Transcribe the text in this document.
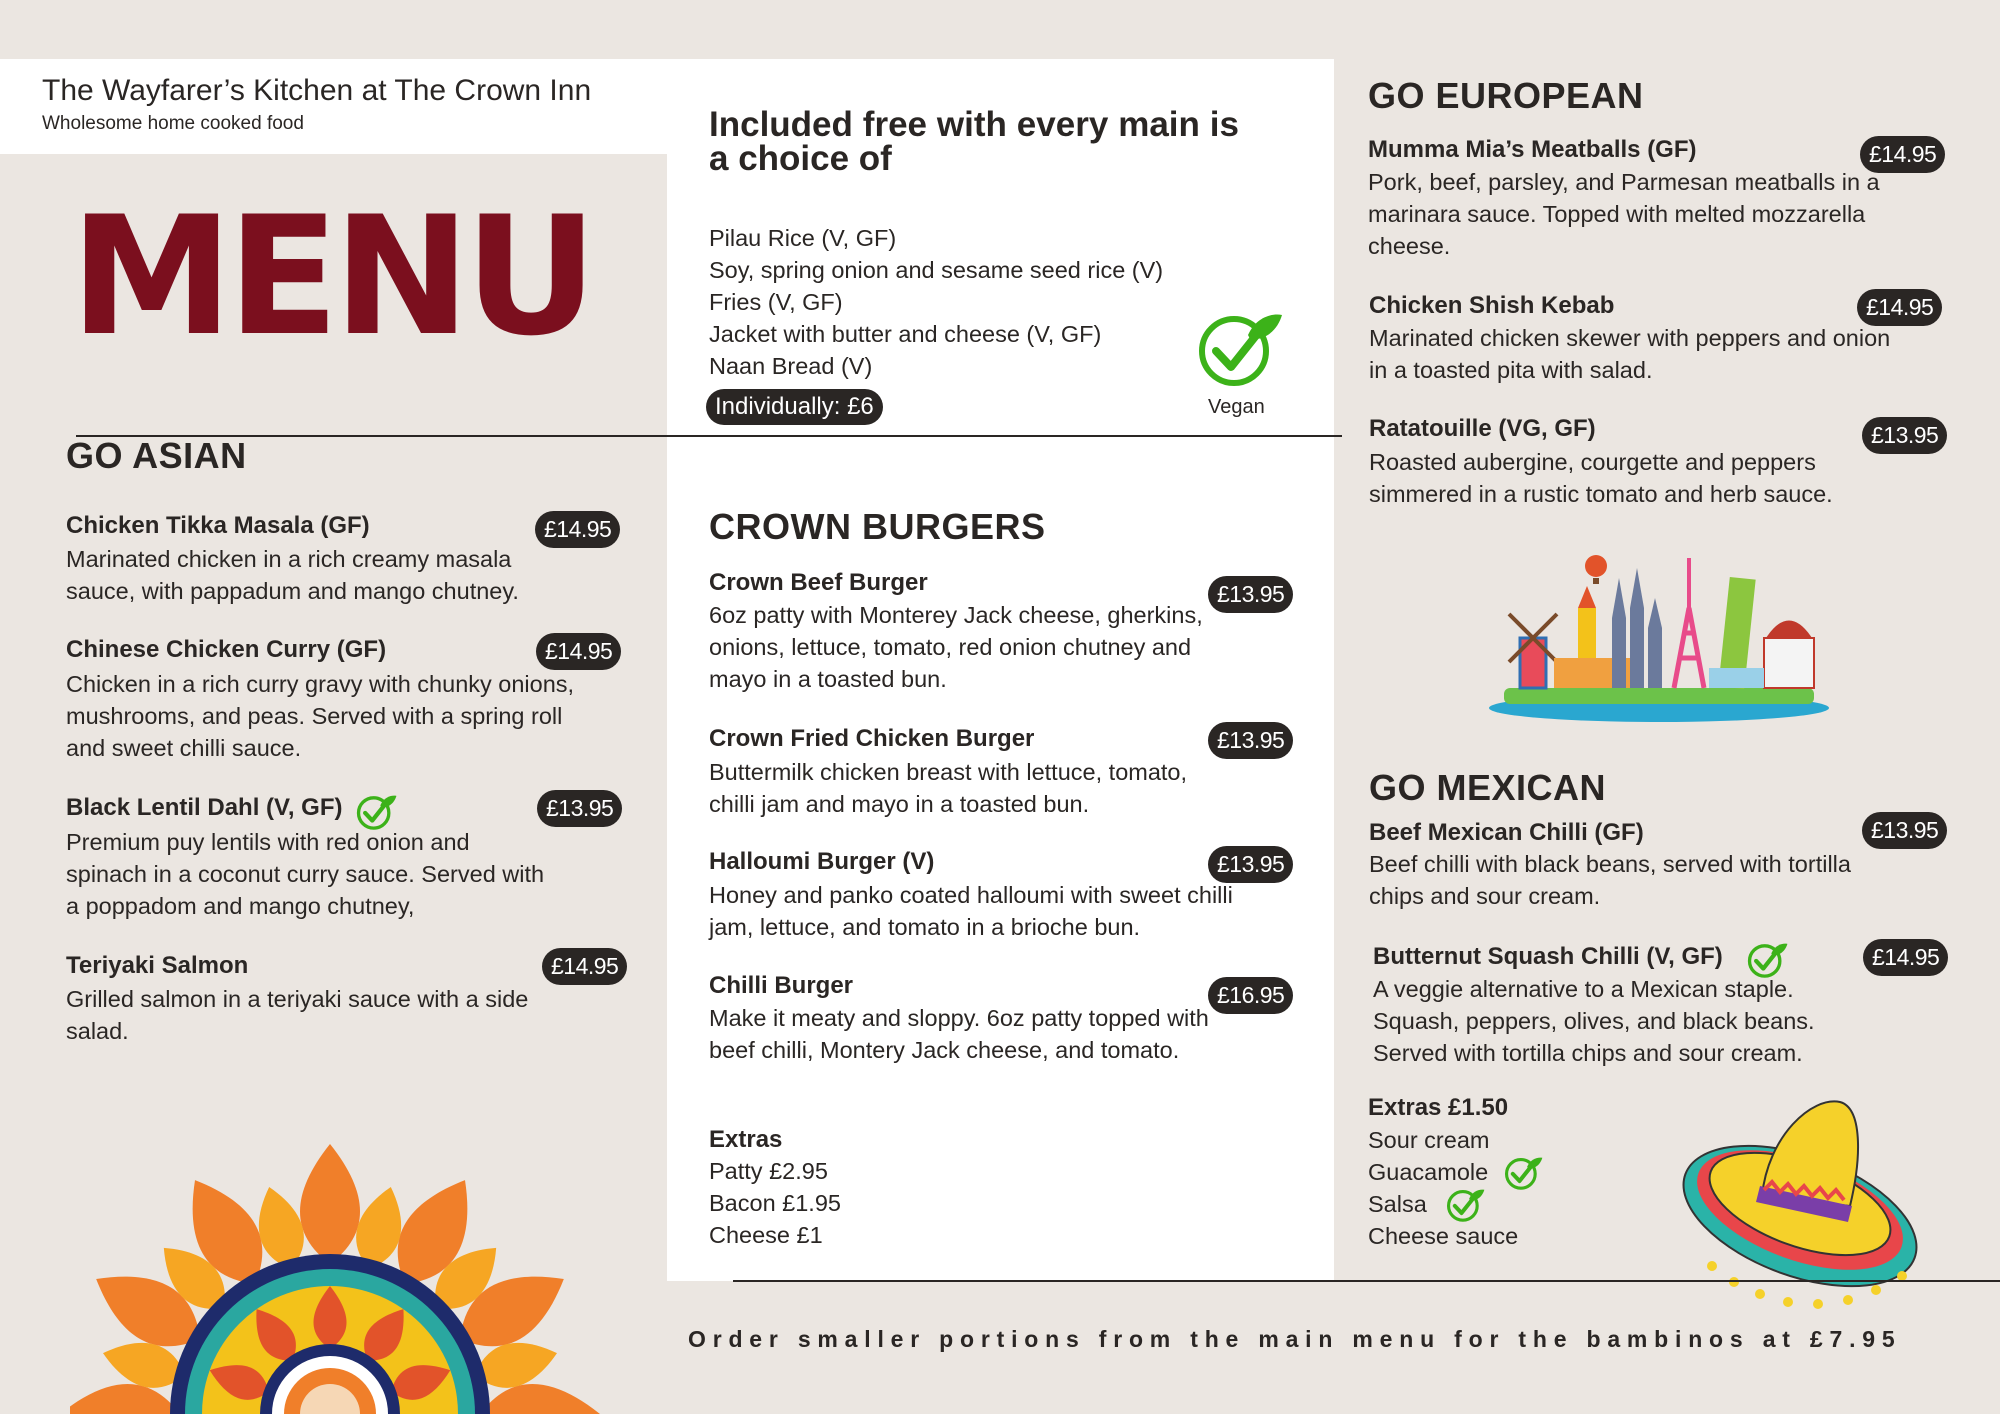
The Wayfarer’s Kitchen at The Crown Inn
Wholesome home cooked food
MENU
Included free with every main is a choice of
Pilau Rice (V, GF)
Soy, spring onion and sesame seed rice (V)
Fries (V, GF)
Jacket with butter and cheese (V, GF)
Naan Bread (V)
Individually: £6	Vegan
GO ASIAN
Chicken Tikka Masala (GF)	£14.95
Marinated chicken in a rich creamy masala sauce, with pappadum and mango chutney.
Chinese Chicken Curry (GF)	£14.95
Chicken in a rich curry gravy with chunky onions, mushrooms, and peas. Served with a spring roll and sweet chilli sauce.
Black Lentil Dahl (V, GF)	£13.95
Premium puy lentils with red onion and spinach in a coconut curry sauce. Served with a poppadom and mango chutney,
Teriyaki Salmon	£14.95
Grilled salmon in a teriyaki sauce with a side salad.
CROWN BURGERS
Crown Beef Burger	£13.95
6oz patty with Monterey Jack cheese, gherkins, onions, lettuce, tomato, red onion chutney and mayo in a toasted bun.
Crown Fried Chicken Burger	£13.95
Buttermilk chicken breast with lettuce, tomato, chilli jam and mayo in a toasted bun.
Halloumi Burger (V)	£13.95
Honey and panko coated halloumi with sweet chilli jam, lettuce, and tomato in a brioche bun.
Chilli Burger	£16.95
Make it meaty and sloppy. 6oz patty topped with beef chilli, Montery Jack cheese, and tomato.
Extras
Patty £2.95
Bacon £1.95
Cheese £1
GO EUROPEAN
Mumma Mia’s Meatballs (GF)	£14.95
Pork, beef, parsley, and Parmesan meatballs in a marinara sauce. Topped with melted mozzarella cheese.
Chicken Shish Kebab	£14.95
Marinated chicken skewer with peppers and onion in a toasted pita with salad.
Ratatouille (VG, GF)	£13.95
Roasted aubergine, courgette and peppers simmered in a rustic tomato and herb sauce.
GO MEXICAN
Beef Mexican Chilli (GF)	£13.95
Beef chilli with black beans, served with tortilla chips and sour cream.
Butternut Squash Chilli (V, GF)	£14.95
A veggie alternative to a Mexican staple. Squash, peppers, olives, and black beans. Served with tortilla chips and sour cream.
Extras £1.50
Sour cream
Guacamole
Salsa
Cheese sauce
Order smaller portions from the main menu for the bambinos at £7.95
